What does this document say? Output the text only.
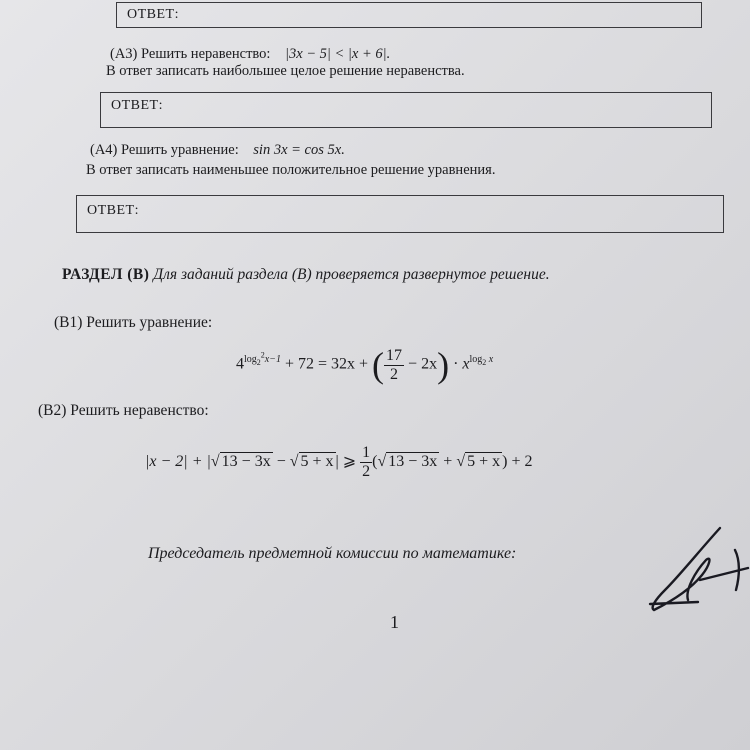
ОТВЕТ:
(А3) Решить неравенство: |3x − 5| < |x + 6|.
В ответ записать наибольшее целое решение неравенства.
ОТВЕТ:
(А4) Решить уравнение: sin 3x = cos 5x.
В ответ записать наименьшее положительное решение уравнения.
ОТВЕТ:
РАЗДЕЛ (В) Для заданий раздела (В) проверяется развернутое решение.
(В1) Решить уравнение:
$4^{log_2^2x-1} + 72 = 32x$ + ( $\frac{17}{2} - 2x) \cdot x^{log_2 x}$
(В2) Решить неравенство:
|x − 2| + |√ 13 − 3x − √ 5 + x | ⩾ $\frac{1}{2}$ (√ 13 − 3x + √ 5 + x ) + 2
Председатель предметной комиссии по математике:
1
